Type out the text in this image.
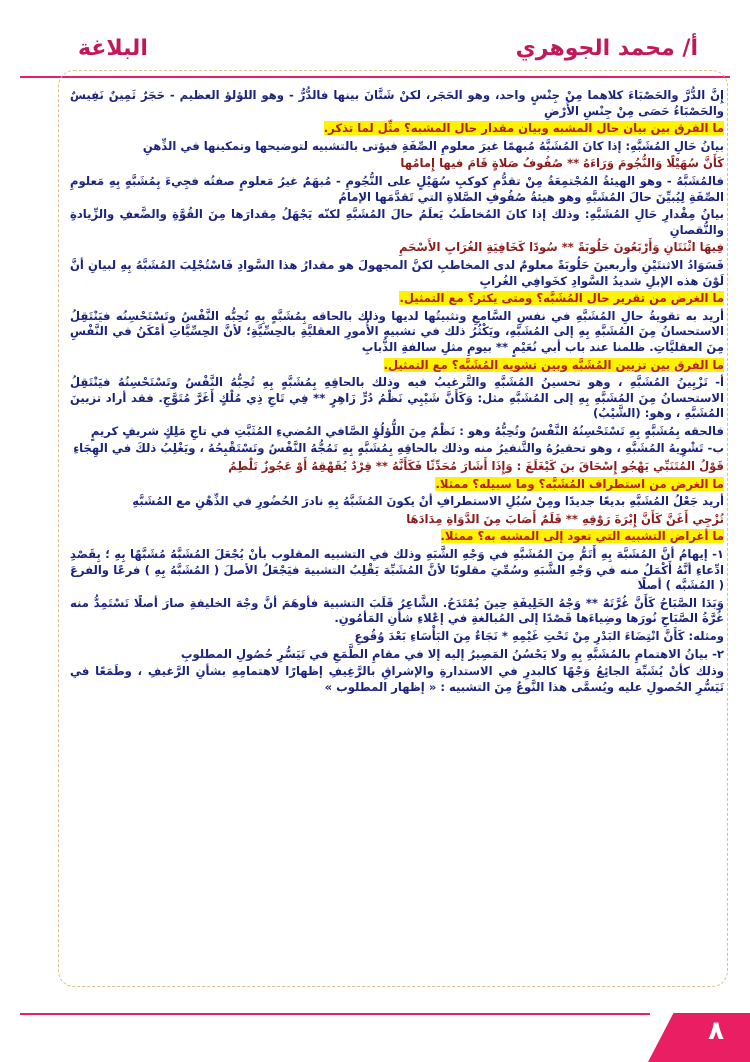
أ/ محمد الجوهري
البلاغة

إِنَّ الدُّرَّ والحَصْبَاءَ كلاهما مِنْ جِنْسٍ واحد، وهو الحَجَر، لكنْ شَتَّانَ بينها فالدُّرُّ - وهو اللؤلؤ العظيم - حَجَرٌ ثَمِينٌ نَفِيسٌ والحَصْبَاءُ حَصَى مِنْ جِنْسِ الأَرْضِ

ما الفرق بين بيان حال المشبه وبيان مقدار حال المشبه؟ مثِّل لما تذكر.

بيانُ حَالِ المُشَبَّهِ: إذا كانَ المُشَبَّهُ مُبهمًا غيرَ معلومِ الصِّفَةِ فيؤتى بالتشبيه لتوضيحها وتمكينها في الذِّهنِ

كَأَنَّ سُهَيْلًا وَالنُّجُومَ وَرَاءَهُ ** صُفُوفُ صَلاةٍ قَامَ فيها إِمامُها

فالمُشَبَّهُ - وهو الهيئةُ المُجْتمِعَةُ مِنْ تقدُّمِ كوكبِ سُهَيْلٍ على النُّجُومِ - مُبهَمٌ غيرُ مَعلومٍ صفتُه فجِيءَ بِمُشَبَّهٍ بِهِ مَعلومِ الصِّفَةِ لِيُبيِّنَ حالَ المُشَبَّهِ وهو هيئةُ صُفُوفِ الصَّلاةِ التي تَقدَّمَها الإمامُ

بيانُ مِقْدارِ حَالِ المُشَبَّهِ: وذلك إذا كانَ المُخاطَبُ يَعلَمُ حالَ المُشَبَّهِ لكنّه يَجْهَلُ مِقدارَها مِنَ القُوَّةِ والضَّعفِ والزِّيادةِ والنُّقصانِ

فِيهَا اثْنَتَانِ وَأَرْبَعُونَ حَلُوبَةً ** سُودًا كَخَافِيَةِ الغُرَابِ الأَسْحَمِ

فَسَوَادُ الاثنتَيْنِ وأربعينَ حَلُوبَةً معلومٌ لدى المخاطبِ لكنَّ المجهولَ هو مقدارُ هذا السَّوادِ فَاسْتُجْلِبَ المُشَبَّهُ بِهِ لبيانِ أنَّ لَوْنَ هذه الإبلِ شديدُ السَّوادِ كخَوافِي الغُرابِ

ما الغرض من تقرير حال المُشَبَّه؟ ومتى يكثر؟ مع التمثيل.

أريد به تقويةُ حالِ المُشَبَّهِ في نفسِ السَّامعِ وتثبيتُها لديها وذلك بالحاقه بِمُشَبَّهٍ بِهِ تُحِبُّه النَّفْسُ وتَسْتَحْسِنُه فيَنْتَقِلُ الاستحسانُ مِنَ المُشَبَّهِ بِهِ إلى المُشَبَّهِ، ويَكْثُرُ ذلك في تشبيهِ الأُمورِ العقليَّةِ بالحِسِّيَّةِ؛ لأنَّ الحِسِّيَّاتِ أمْكَنُ في النَّفْسِ مِنَ العقليَّاتِ. ظلمنا عند باب أبي نُعَيْمٍ ** بيومِ مثلِ سالفةِ الذُّبابِ

ما الفرق بين تزيين المُشَبَّه وبين تشويه المُشَبَّه؟ مع التمثيل.

أ- تَزْيِينُ المُشَبَّهِ ، وهو تحسينُ المُشَبَّهِ والتَّرغيبُ فيه وذلك بالحاقِهِ بِمُشَبَّهٍ بِهِ تُحِبُّهُ النَّفْسُ وتَسْتَحْسِنُهُ فيَنْتَقِلُ الاستحسانُ مِنَ المُشَبَّهِ بِهِ إلى المُشَبَّهِ مثل: وَكَأَنَّ شَيْبِي نَظْمُ دُرٍّ زَاهِرٍ ** فِي تَاجِ ذِي مُلْكٍ أَغَرَّ مُتَوَّجِ. فقد أراد تزيينَ المُشَبَّهِ ، وهو: (الشَّيْبُ)

فالحقه بِمُشَبَّهٍ بِهِ تَسْتَحْسِنُهُ النَّفْسُ وتُحِبُّهُ وهو : نَظْمٌ مِنَ اللُّؤلُؤِ الصَّافي المُضيءِ المُثَبَّتِ في تاجِ مَلِكٍ شريفٍ كريمٍ

ب- تَشْوِيهُ المُشَبَّهِ ، وهو تحقيرُهُ والتَّنفيرُ منه وذلك بالحاقِهِ بِمُشَبَّهٍ بِهِ تَمُجُّهُ النَّفْسُ وتَسْتَقْبِحُهُ ، ويَغْلِبُ ذلكَ في الهِجَاءِ

قَوْلُ المُتَنَبِّي يَهْجُو إِسْحَاقَ بنَ كَيْغَلَغَ : وَإِذَا أَشَارَ مُحَدِّثًا فَكَأَنَّهُ ** قِرْدٌ يُقَهْقِهُ أَوْ عَجُوزٌ تَلْطِمُ

ما الغرض من استطراف المُشَبَّه؟ وما سبيله؟ ممثلا.

أريد جَعْلُ المُشَبَّهِ بديعًا جديدًا ومِنْ سُبُلِ الاستطرافِ أنْ يكونَ المُشَبَّهُ بِهِ نادرَ الحُضُورِ في الذِّهْنِ مع المُشَبَّهِ

تُزْجِي أَغَنَّ كَأَنَّ إِبْرَةَ رَوْقِهِ ** قَلَمٌ أَصَابَ مِنَ الدَّوَاةِ مِدَادَهَا

ما أغراض التشبيه التي تعود إلى المشبه به؟ ممثلا.

١- إيهامُ أنَّ المُشَبَّهَ بِهِ أَتَمُّ مِنَ المُشَبَّهِ في وَجْهِ الشَّبَهِ وذلك في التشبيه المقلوب بأنْ يُجْعَلَ المُشَبَّهُ مُشَبَّهًا بِهِ ؛ بِقَصْدِ ادِّعاءِ أنَّهُ أَكْمَلُ منه في وَجْهِ الشَّبَهِ وسُمِّيَ مقلوبًا لأنَّ المُشَبِّهَ يَقْلِبُ التشبيهَ فيَجْعَلُ الأصلَ ( المُشَبَّهُ بِهِ ) فرعًا والفرعَ ( المُشَبَّه ) أصلًا

وَبَدَا الصَّبَاحُ كَأَنَّ غُرَّتَهُ ** وَجْهُ الخَلِيفَةِ حِينَ يُمْتَدَحُ. الشَّاعِرُ قَلَبَ التشبيهَ فأوهَمَ أنَّ وجْهَ الخليفةِ صارَ أصلًا تَسْتَمِدُّ منه غُرَّةُ الصَّبَاحِ نُورَها وضِياءَها قَصْدًا إلى المُبالغةِ في إعْلاءِ شأنِ المَأمُونِ.

ومثله: كَأَنَّ انْتِضَاءَ البَدْرِ مِنْ تَحْتِ غَيْمِهِ * نَجَاءٌ مِنَ البَأْسَاءِ بَعْدَ وُقُوعِ

٢- بيانُ الاهتمامِ بالمُشَبَّهِ بِهِ ولا يَحْسُنُ المَصِيرُ إليه إلا في مقامِ الطَّمَعِ في تَيَسُّرِ حُصُولِ المطلوبِ

وذلك كأنْ يُشَبِّهَ الجائِعُ وَجْهًا كالبدرِ في الاستدارةِ والإشراقِ بالرَّغِيفِ إظهارًا لاهتمامِهِ بشأنِ الرَّغيفِ ، وطَمَعًا في تَيَسُّرِ الحُصولِ عليه ويُسمَّى هذا النَّوعُ مِنَ التشبيه : « إظهار المطلوب »

٨
